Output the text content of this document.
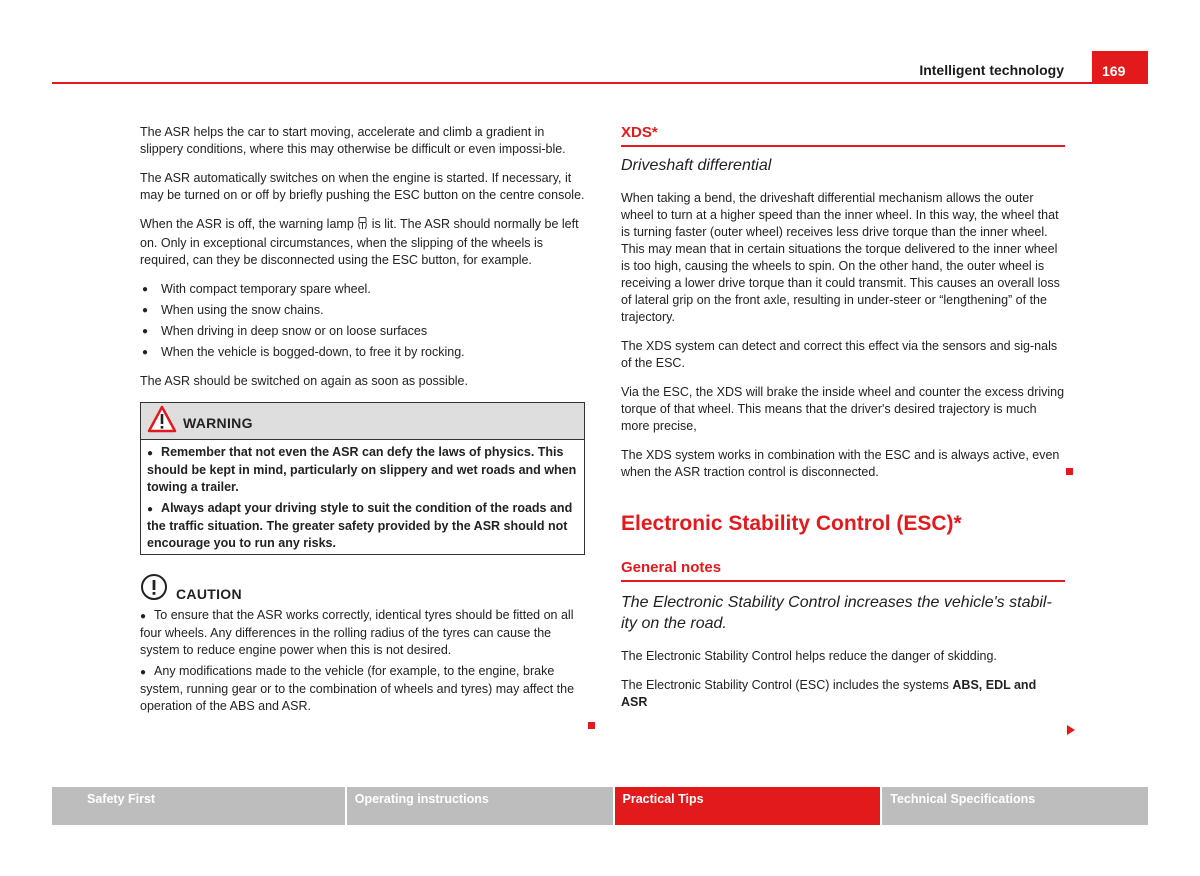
169
Intelligent technology

The ASR helps the car to start moving, accelerate and climb a gradient in slippery conditions, where this may otherwise be difficult or even impossi-ble.

The ASR automatically switches on when the engine is started. If necessary, it may be turned on or off by briefly pushing the ESC button on the centre console.

When the ASR is off, the warning lamp is lit. The ASR should normally be left on. Only in exceptional circumstances, when the slipping of the wheels is required, can they be disconnected using the ESC button, for example.

● With compact temporary spare wheel.
● When using the snow chains.
● When driving in deep snow or on loose surfaces
● When the vehicle is bogged-down, to free it by rocking.

The ASR should be switched on again as soon as possible.

WARNING
● Remember that not even the ASR can defy the laws of physics. This should be kept in mind, particularly on slippery and wet roads and when towing a trailer.
● Always adapt your driving style to suit the condition of the roads and the traffic situation. The greater safety provided by the ASR should not encourage you to run any risks.
CAUTION
● To ensure that the ASR works correctly, identical tyres should be fitted on all four wheels. Any differences in the rolling radius of the tyres can cause the system to reduce engine power when this is not desired.
● Any modifications made to the vehicle (for example, to the engine, brake system, running gear or to the combination of wheels and tyres) may affect the operation of the ABS and ASR.
XDS*
Driveshaft differential

When taking a bend, the driveshaft differential mechanism allows the outer wheel to turn at a higher speed than the inner wheel. In this way, the wheel that is turning faster (outer wheel) receives less drive torque than the inner wheel. This may mean that in certain situations the torque delivered to the inner wheel is too high, causing the wheels to spin. On the other hand, the outer wheel is receiving a lower drive torque than it could transmit. This causes an overall loss of lateral grip on the front axle, resulting in under-steer or “lengthening” of the trajectory.

The XDS system can detect and correct this effect via the sensors and sig-nals of the ESC.

Via the ESC, the XDS will brake the inside wheel and counter the excess driving torque of that wheel. This means that the driver's desired trajectory is much more precise,

The XDS system works in combination with the ESC and is always active, even when the ASR traction control is disconnected.

Electronic Stability Control (ESC)*
General notes
The Electronic Stability Control increases the vehicle's stabil-ity on the road.

The Electronic Stability Control helps reduce the danger of skidding.

The Electronic Stability Control (ESC) includes the systems ABS, EDL and ASR

Safety First	Operating instructions	Practical Tips	Technical Specifications
